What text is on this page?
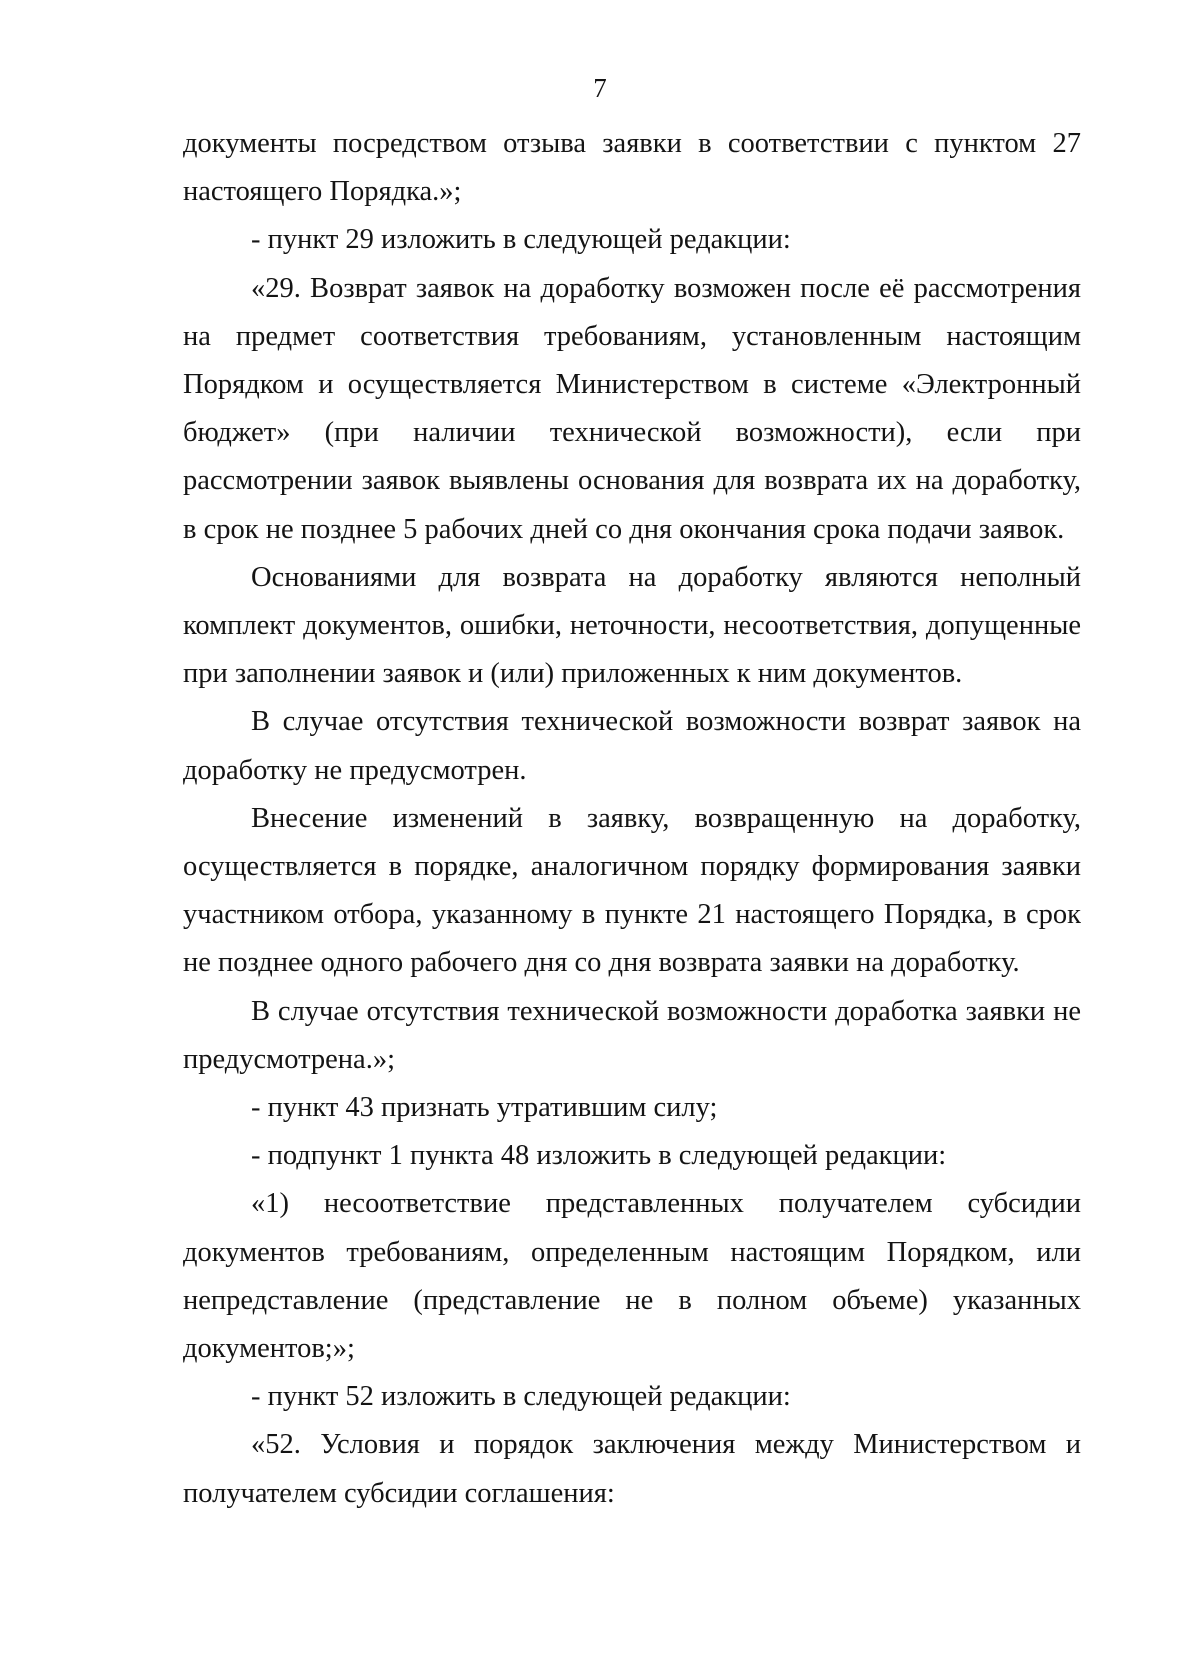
7

документы посредством отзыва заявки в соответствии с пунктом 27 настоящего Порядка.»;

- пункт 29 изложить в следующей редакции:

«29. Возврат заявок на доработку возможен после её рассмотрения на предмет соответствия требованиям, установленным настоящим Порядком и осуществляется Министерством в системе «Электронный бюджет» (при наличии технической возможности), если при рассмотрении заявок выявлены основания для возврата их на доработку, в срок не позднее 5 рабочих дней со дня окончания срока подачи заявок.

Основаниями для возврата на доработку являются неполный комплект документов, ошибки, неточности, несоответствия, допущенные при заполнении заявок и (или) приложенных к ним документов.

В случае отсутствия технической возможности возврат заявок на доработку не предусмотрен.

Внесение изменений в заявку, возвращенную на доработку, осуществляется в порядке, аналогичном порядку формирования заявки участником отбора, указанному в пункте 21 настоящего Порядка, в срок не позднее одного рабочего дня со дня возврата заявки на доработку.

В случае отсутствия технической возможности доработка заявки не предусмотрена.»;

- пункт 43 признать утратившим силу;

- подпункт 1 пункта 48 изложить в следующей редакции:

«1) несоответствие представленных получателем субсидии документов требованиям, определенным настоящим Порядком, или непредставление (представление не в полном объеме) указанных документов;»;

- пункт 52 изложить в следующей редакции:

«52. Условия и порядок заключения между Министерством и получателем субсидии соглашения:
